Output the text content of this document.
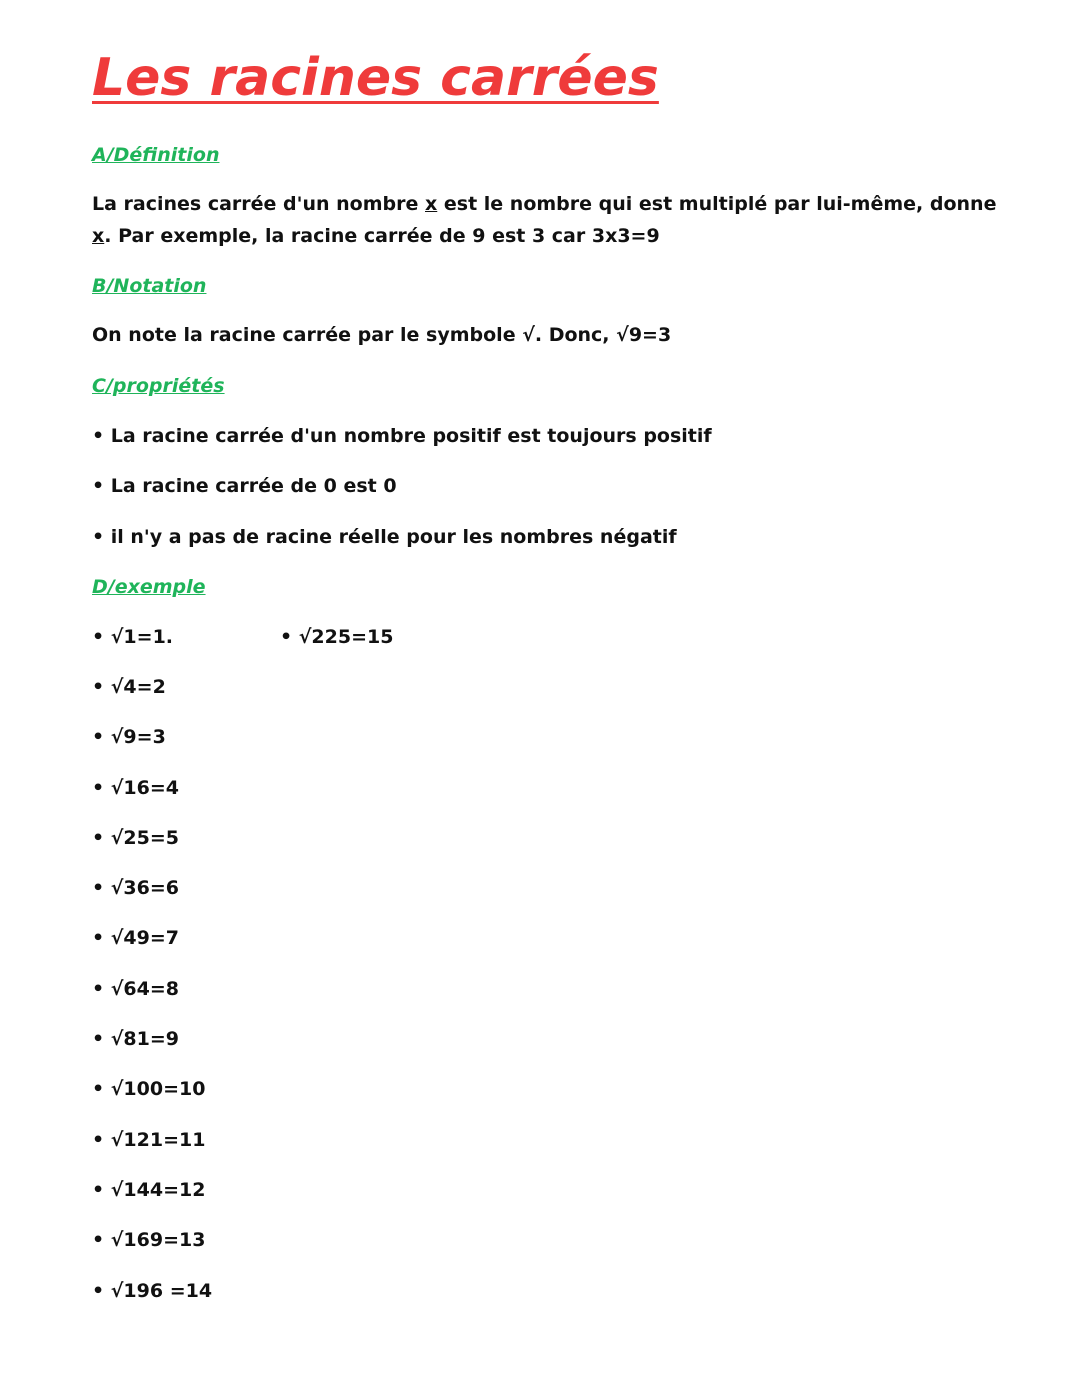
Les racines carrées
A/Définition

La racines carrée d'un nombre x est le nombre qui est multiplé par lui-même, donne x. Par exemple, la racine carrée de 9 est 3 car 3x3=9

B/Notation
On note la racine carrée par le symbole √. Donc, √9=3
C/propriétés
• La racine carrée d'un nombre positif est toujours positif
• La racine carrée de 0 est 0
• il n'y a pas de racine réelle pour les nombres négatif
D/exemple
• √1=1.	• √225=15
• √4=2
• √9=3
• √16=4
• √25=5
• √36=6
• √49=7
• √64=8
• √81=9
• √100=10
• √121=11
• √144=12
• √169=13
• √196 =14
